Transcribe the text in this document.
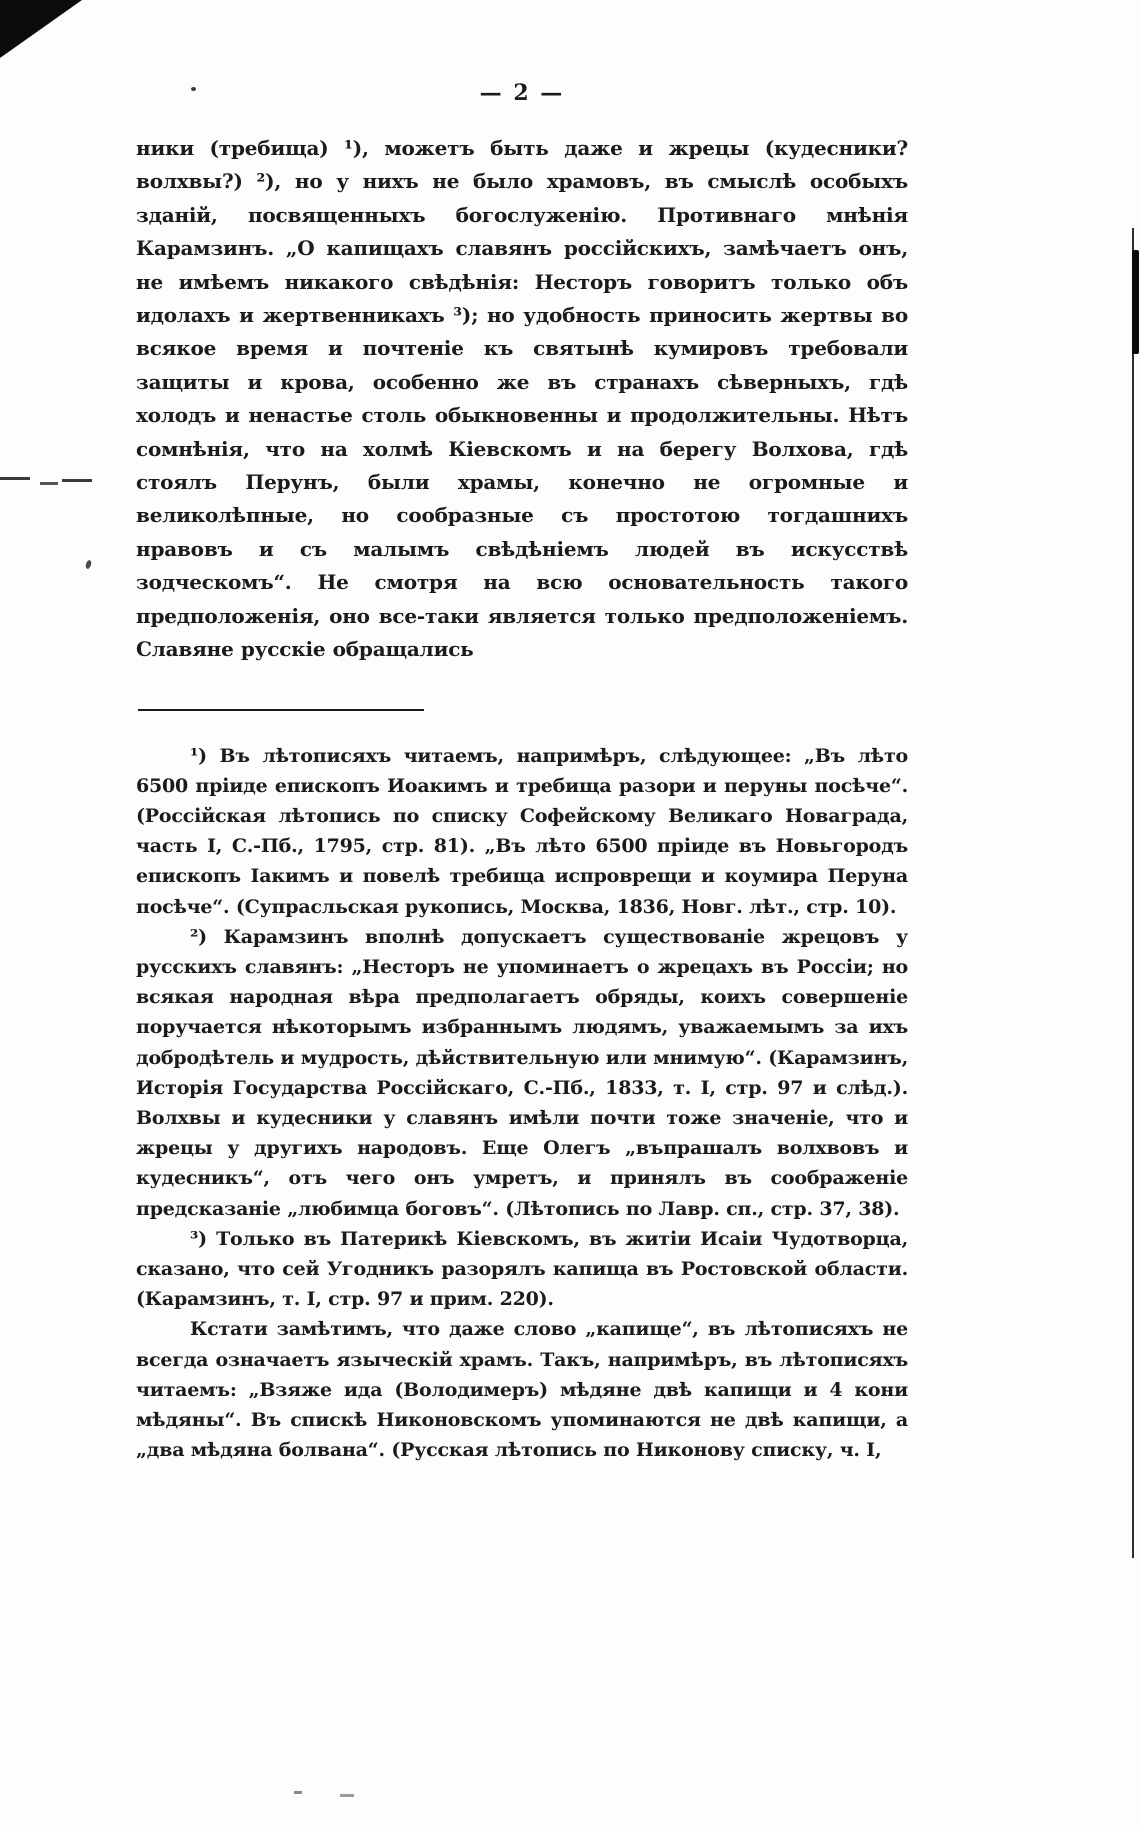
— 2 —

ники (требища) ¹), можетъ быть даже и жрецы (кудесники? волхвы?) ²), но у нихъ не было храмовъ, въ смыслѣ особыхъ зданій, посвященныхъ богослуженію. Противнаго мнѣнія Карамзинъ. „О капищахъ славянъ россійскихъ, замѣчаетъ онъ, не имѣемъ никакого свѣдѣнія: Несторъ говоритъ только объ идолахъ и жертвенникахъ ³); но удобность приносить жертвы во всякое время и почтеніе къ святынѣ кумировъ требовали защиты и крова, особенно же въ странахъ сѣверныхъ, гдѣ холодъ и ненастье столь обыкновенны и продолжительны. Нѣтъ сомнѣнія, что на холмѣ Кіевскомъ и на берегу Волхова, гдѣ стоялъ Перунъ, были храмы, конечно не огромные и великолѣпные, но сообразные съ простотою тогдашнихъ нравовъ и съ малымъ свѣдѣніемъ людей въ искусствѣ зодческомъ“. Не смотря на всю основательность такого предположенія, оно все-таки является только предположеніемъ. Славяне русскіе обращались

¹) Въ лѣтописяхъ читаемъ, напримѣръ, слѣдующее: „Въ лѣто 6500 пріиде епископъ Иоакимъ и требища разори и перуны посѣче“. (Россійская лѣтопись по списку Софейскому Великаго Новаграда, часть I, С.-Пб., 1795, стр. 81). „Въ лѣто 6500 пріиде въ Новьгородъ епископъ Іакимъ и повелѣ требища испроврещи и коумира Перуна посѣче“. (Супрасльская рукопись, Москва, 1836, Новг. лѣт., стр. 10).

²) Карамзинъ вполнѣ допускаетъ существованіе жрецовъ у русскихъ славянъ: „Несторъ не упоминаетъ о жрецахъ въ Россіи; но всякая народная вѣра предполагаетъ обряды, коихъ совершеніе поручается нѣкоторымъ избраннымъ людямъ, уважаемымъ за ихъ добродѣтель и мудрость, дѣйствительную или мнимую“. (Карамзинъ, Исторія Государства Россійскаго, С.-Пб., 1833, т. I, стр. 97 и слѣд.). Волхвы и кудесники у славянъ имѣли почти тоже значеніе, что и жрецы у другихъ народовъ. Еще Олегъ „въпрашалъ волхвовъ и кудесникъ“, отъ чего онъ умретъ, и принялъ въ соображеніе предсказаніе „любимца боговъ“. (Лѣтопись по Лавр. сп., стр. 37, 38).

³) Только въ Патерикѣ Кіевскомъ, въ житіи Исаіи Чудотворца, сказано, что сей Угодникъ разорялъ капища въ Ростовской области. (Карамзинъ, т. I, стр. 97 и прим. 220).

Кстати замѣтимъ, что даже слово „капище“, въ лѣтописяхъ не всегда означаетъ языческій храмъ. Такъ, напримѣръ, въ лѣтописяхъ читаемъ: „Взяже ида (Володимеръ) мѣдяне двѣ капищи и 4 кони мѣдяны“. Въ спискѣ Никоновскомъ упоминаются не двѣ капищи, а „два мѣдяна болвана“. (Русская лѣтопись по Никонову списку, ч. I,
